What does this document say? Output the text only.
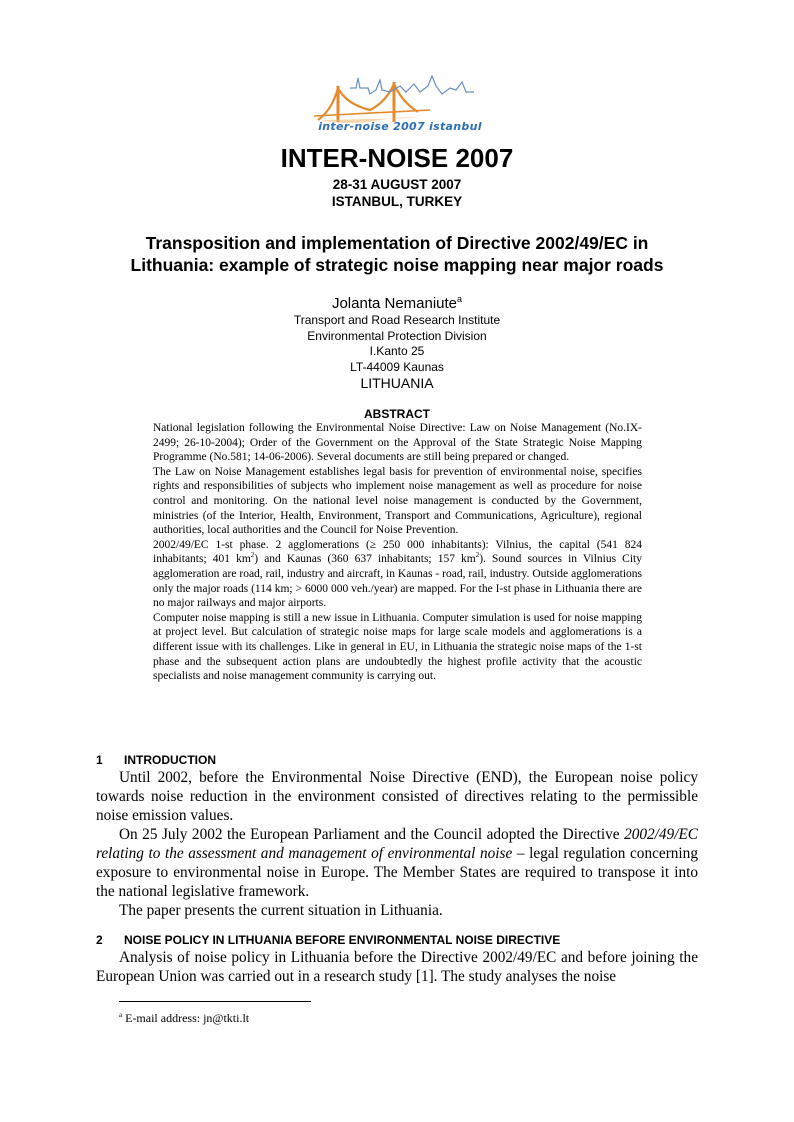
inter-noise 2007 istanbul
INTER-NOISE 2007
28-31 AUGUST 2007
ISTANBUL, TURKEY
Transposition and implementation of Directive 2002/49/EC in
Lithuania: example of strategic noise mapping near major roads
Jolanta Nemaniute$^a$
Transport and Road Research Institute
Environmental Protection Division
I.Kanto 25
LT-44009 Kaunas
LITHUANIA
ABSTRACT

National legislation following the Environmental Noise Directive: Law on Noise Management (No.IX-2499; 26-10-2004); Order of the Government on the Approval of the State Strategic Noise Mapping Programme (No.581; 14-06-2006). Several documents are still being prepared or changed.

The Law on Noise Management establishes legal basis for prevention of environmental noise, specifies rights and responsibilities of subjects who implement noise management as well as procedure for noise control and monitoring. On the national level noise management is conducted by the Government, ministries (of the Interior, Health, Environment, Transport and Communications, Agriculture), regional authorities, local authorities and the Council for Noise Prevention.

2002/49/EC 1-st phase. 2 agglomerations (≥ 250 000 inhabitants): Vilnius, the capital (541 824 inhabitants; 401 $km^2$) and Kaunas (360 637 inhabitants; 157 $km^2$). Sound sources in Vilnius City agglomeration are road, rail, industry and aircraft, in Kaunas - road, rail, industry. Outside agglomerations only the major roads (114 km; > 6000 000 veh./year) are mapped. For the I-st phase in Lithuania there are no major railways and major airports.

Computer noise mapping is still a new issue in Lithuania. Computer simulation is used for noise mapping at project level. But calculation of strategic noise maps for large scale models and agglomerations is a different issue with its challenges. Like in general in EU, in Lithuania the strategic noise maps of the 1-st phase and the subsequent action plans are undoubtedly the highest profile activity that the acoustic specialists and noise management community is carrying out.

1 INTRODUCTION

Until 2002, before the Environmental Noise Directive (END), the European noise policy towards noise reduction in the environment consisted of directives relating to the permissible noise emission values.

On 25 July 2002 the European Parliament and the Council adopted the Directive 2002/49/EC relating to the assessment and management of environmental noise – legal regulation concerning exposure to environmental noise in Europe. The Member States are required to transpose it into the national legislative framework.

The paper presents the current situation in Lithuania.

2 NOISE POLICY IN LITHUANIA BEFORE ENVIRONMENTAL NOISE DIRECTIVE

Analysis of noise policy in Lithuania before the Directive 2002/49/EC and before joining the European Union was carried out in a research study [1]. The study analyses the noise

$^a$ E-mail address: jn@tkti.lt
